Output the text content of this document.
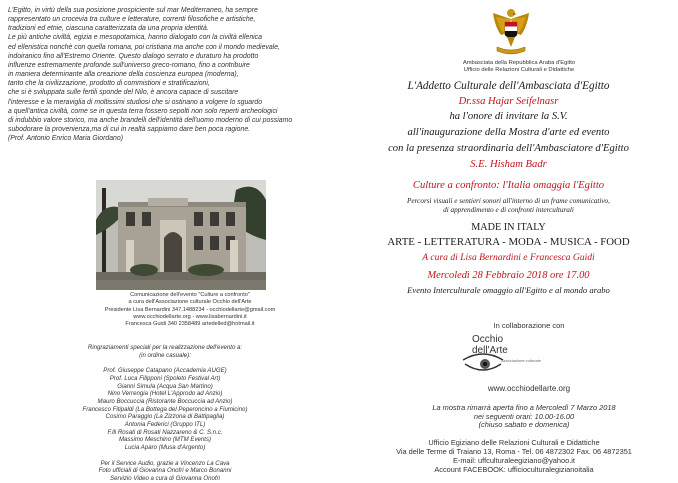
L'Egitto, in virtù della sua posizione prospiciente sul mar Mediterraneo, ha sempre
rappresentato un crocevia tra culture e letterature, correnti filosofiche e artistiche,
tradizioni ed etnie, ciascuna caratterizzata da una propria identità.
Le più antiche civiltà, egizia e mesopotamica, hanno dialogato con la civiltà ellenica
ed ellenistica nonchè con quella romana, poi cristiana ma anche con il mondo medievale,
indoiranico fino all'Estremo Oriente. Questo dialogo serrato e duraturo ha prodotto
influenze estremamente profonde sull'universo greco-romano, fino a contribuire
in maniera determinante alla creazione della coscienza europea (moderna),
tanto che la civilizzazione, prodotto di commistioni e stratificazioni,
che si è sviluppata sulle fertili sponde del Nilo, è ancora capace di suscitare
l'interesse e la meraviglia di moltissimi studiosi che si ostinano a volgere lo sguardo
a quell'antica civiltà, come se in questa terra fossero sepolti non solo reperti archeologici
di indubbio valore storico, ma anche brandelli dell'identità dell'uomo moderno di cui possiamo
subodorare la provenienza,ma di cui in realtà sappiamo dare ben poca ragione.
(Prof. Antonio Enrico Maria Giordano)

Comunicazione dell'evento "Culture a confronto"
a cura dell'Associazione culturale Occhio dell'Arte
Presidente Lisa Bernardini 347.1488234 - occhiodellarte@gmail.com
www.occhiodellarte.org - www.lisabernardini.it
Francesca Guidi 340 2358489 artedelled@hotmail.it

Ringraziamenti speciali per la realizzazione dell'evento a:
(in ordine casuale):

Prof. Giuseppe Catapano (Accademia AUGE)
Prof. Luca Filipponi (Spoleto Festival Art)
Gianni Simula (Acqua San Martino)
Nino Verrengia (Hotel L'Approdo ad Anzio)
Mauro Boccuccia (Ristorante Boccuccia ad Anzio)
Francesco Fitipaldi (La Bottega del Peperoncino a Fiumicino)
Cosimo Paraggio (La Zizzona di Battipaglia)
Antonia Federici (Gruppo ITL)
F.lli Rosati di Rosati Nazzareno & C. S.n.c.
Massimo Meschino (MTM Events)
Lucia Aparo (Musa d'Argento)

Per il Service Audio, grazie a Vincenzo La Cava
Foto ufficiali di Giovanna Onofri e Marco Bonanni
Servizio Video a cura di Giovanna Onofri

Ambasciata della Repubblica Araba d'Egitto
Ufficio delle Relazioni Culturali e Didattiche
L'Addetto Culturale dell'Ambasciata d'Egitto
Dr.ssa Hajar Seifelnasr
ha l'onore di invitare la S.V.
all'inaugurazione della Mostra d'arte ed evento
con la presenza straordinaria dell'Ambasciatore d'Egitto
S.E. Hisham Badr
Culture a confronto: l'Italia omaggia l'Egitto
Percorsi visuali e sentieri sonori all'interno di un frame comunicativo,
di apprendimento e di confronti interculturali
MADE IN ITALY
ARTE - LETTERATURA - MODA - MUSICA - FOOD
A cura di Lisa Bernardini e Francesca Guidi
Mercoledì 28 Febbraio 2018 ore 17.00
Evento Interculturale omaggio all'Egitto e al mondo arabo
In collaborazione con
Occhio
dell'Arte
Associazione culturale
www.occhiodellarte.org
La mostra rimarrà aperta fino a Mercoledì 7 Marzo 2018
nei seguenti orari: 10.00-16.00
(chiuso sabato e domenica)
Ufficio Egiziano delle Relazioni Culturali e Didattiche
Via delle Terme di Traiano 13, Roma - Tel. 06 4872302 Fax. 06 4872351
E-mail: uffculturaleegiziano@yahoo.it
Account FACEBOOK: ufficioculturalegizianoitalia
